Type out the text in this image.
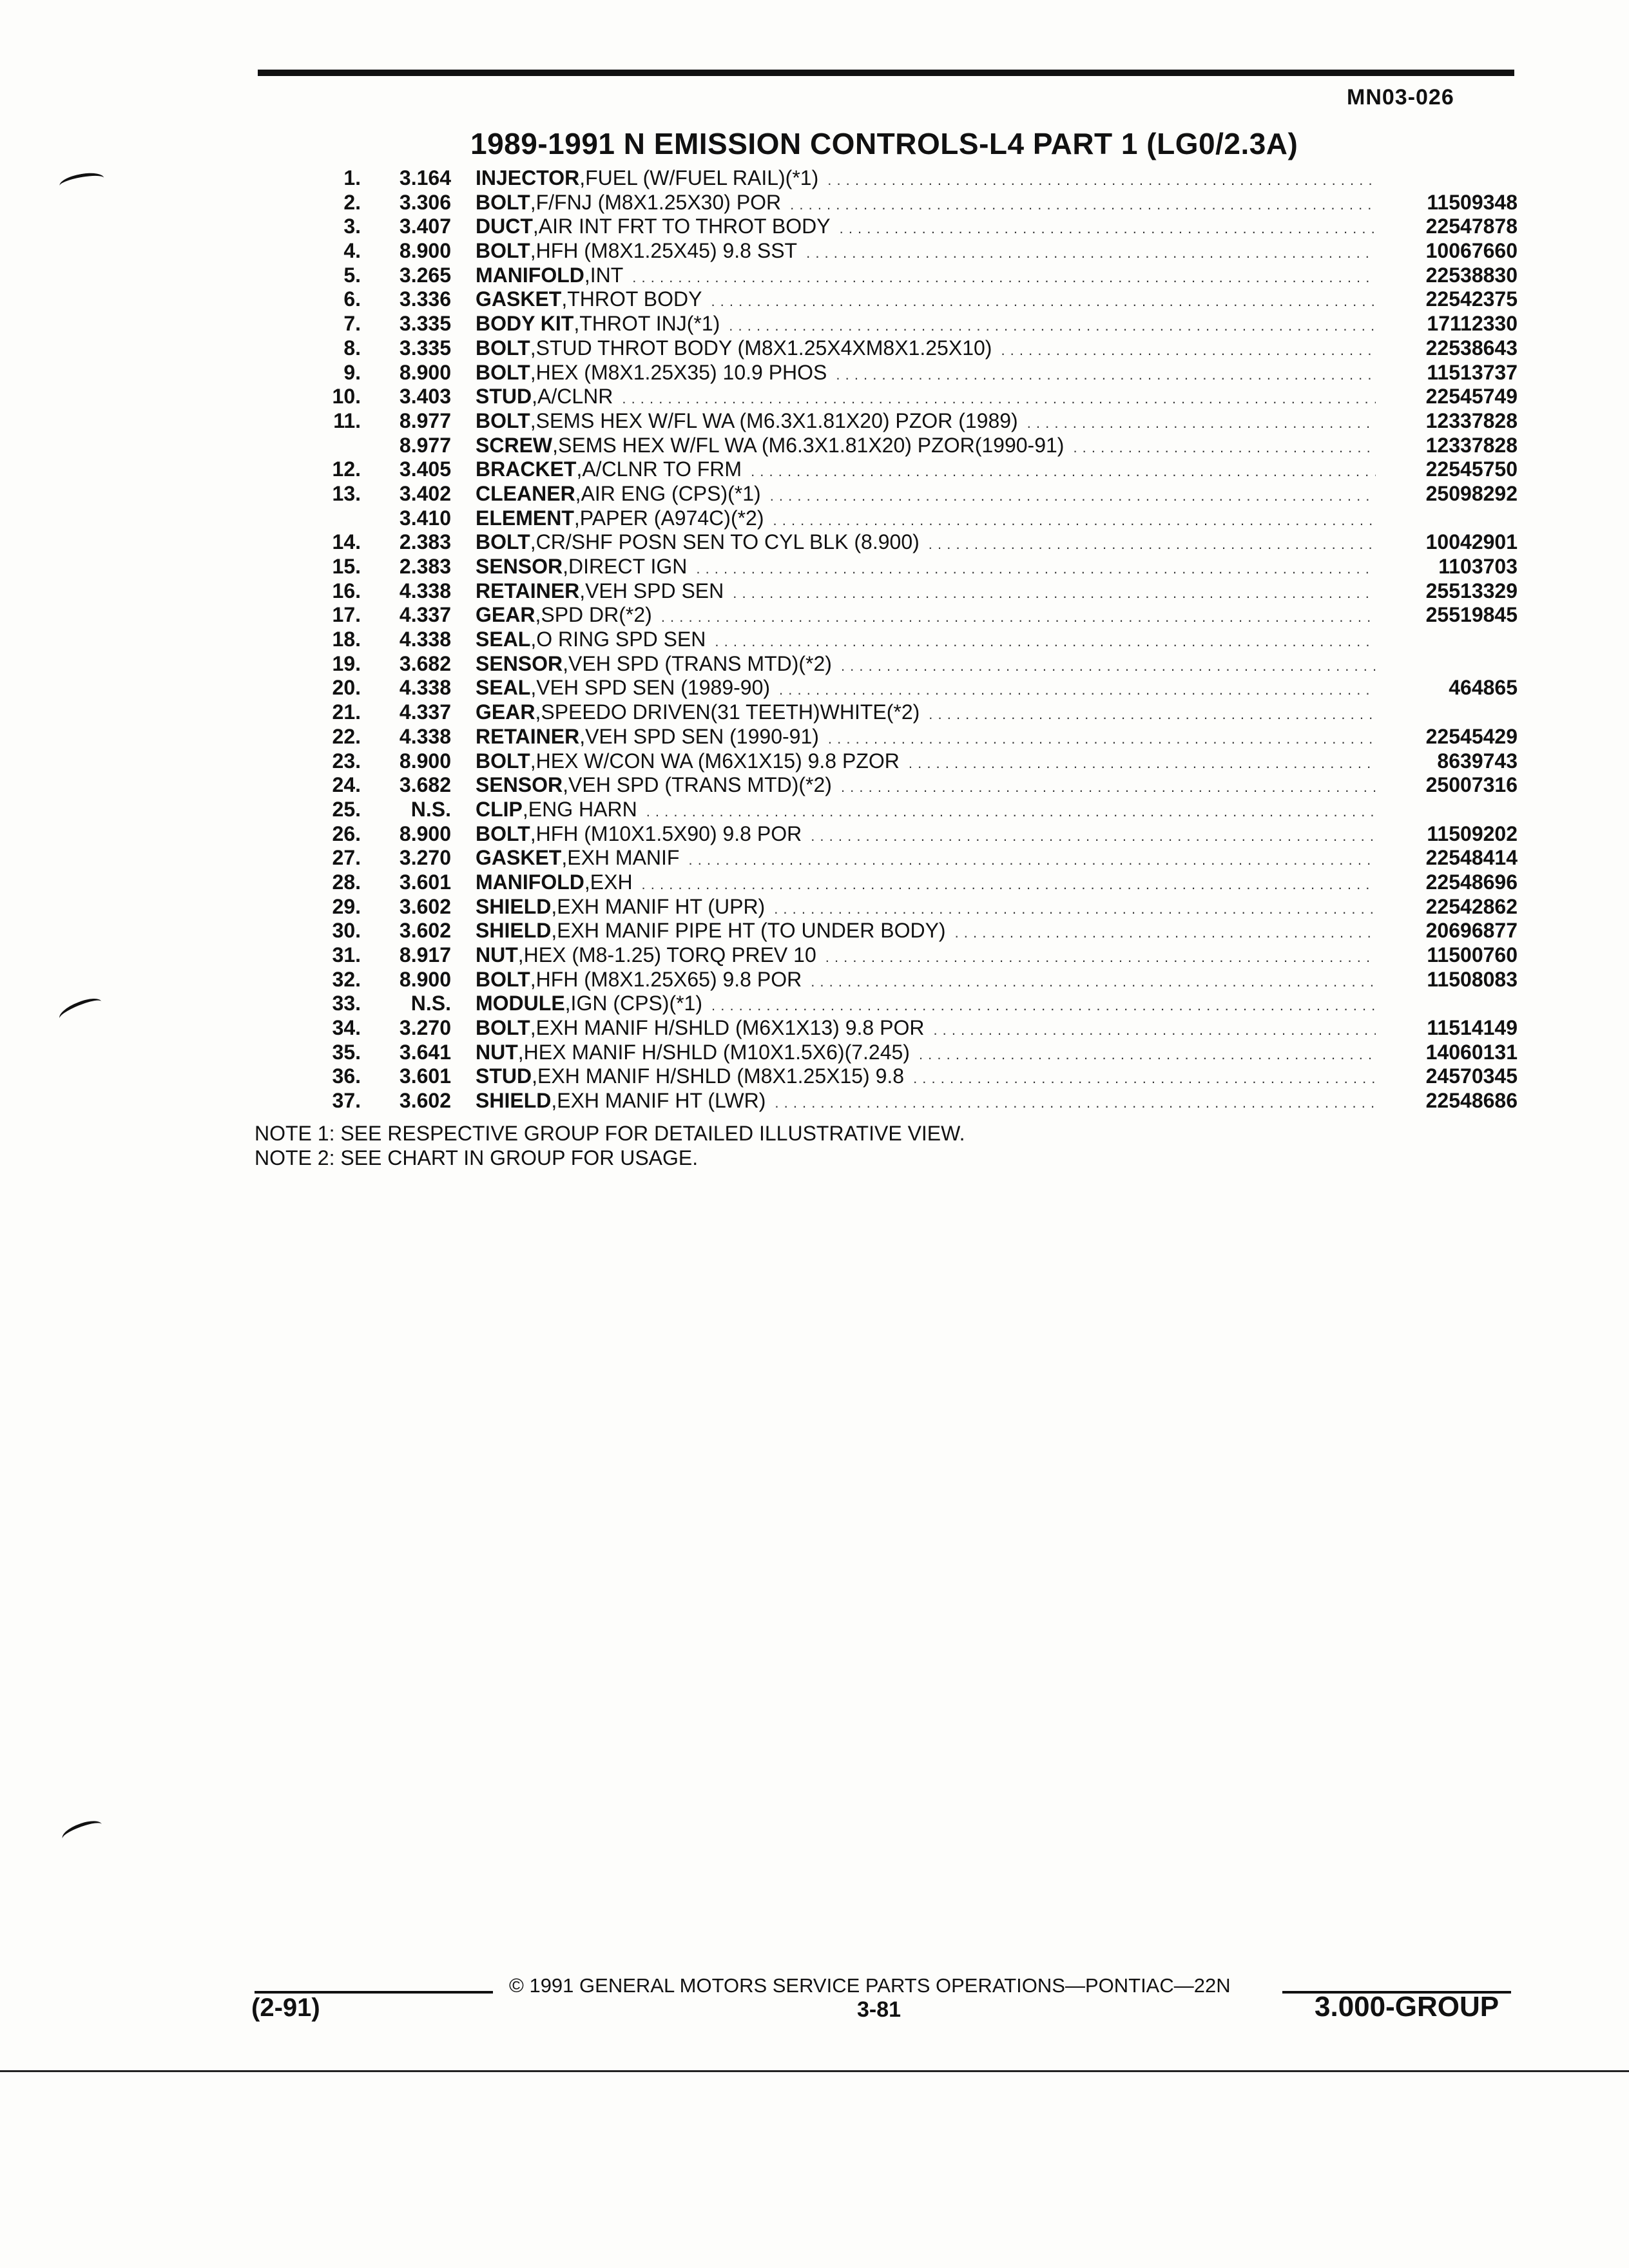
MN03-026
1989-1991 N EMISSION CONTROLS-L4 PART 1 (LG0/2.3A)
1.	3.164 INJECTOR , FUEL (W/FUEL RAIL)(*1)
. . .
2.	3.306 BOLT , F/FNJ (M8X1.25X30) POR . . .	11509348
3.	3.407 DUCT , AIR INT FRT TO THROT BODY . . .	22547878
4.	8.900 BOLT , HFH (M8X1.25X45) 9.8 SST . . .	10067660
5.	3.265 MANIFOLD , INT . . .	22538830
6.	3.336 GASKET , THROT BODY . . .	22542375
7.	3.335 BODY KIT , THROT INJ(*1) . . .	17112330
8.	3.335 BOLT , STUD THROT BODY (M8X1.25X4XM8X1.25X10) . . .	22538643
9.	8.900 BOLT , HEX (M8X1.25X35) 10.9 PHOS . . .	11513737
10.	3.403 STUD , A/CLNR . . .	22545749
11.	8.977 BOLT , SEMS HEX W/FL WA (M6.3X1.81X20) PZOR (1989) . . .	12337828
8.977 SCREW , SEMS HEX W/FL WA (M6.3X1.81X20) PZOR(1990-91) . . .	12337828
12.	3.405 BRACKET , A/CLNR TO FRM . . .	22545750
13.	3.402 CLEANER , AIR ENG (CPS)(*1) . . .	25098292
3.410 ELEMENT , PAPER (A974C)(*2)
. . .
14.	2.383 BOLT , CR/SHF POSN SEN TO CYL BLK (8.900) . . .	10042901
15.	2.383 SENSOR , DIRECT IGN . . .	1103703
16.	4.338 RETAINER , VEH SPD SEN . . .	25513329
17.	4.337 GEAR , SPD DR(*2) . . .	25519845
18.	4.338 SEAL , O RING SPD SEN
. . .
19.	3.682 SENSOR , VEH SPD (TRANS MTD)(*2)
. . .
20.	4.338 SEAL , VEH SPD SEN (1989-90) . . .	464865
21.	4.337 GEAR , SPEEDO DRIVEN(31 TEETH)WHITE(*2)
. . .
22.	4.338 RETAINER , VEH SPD SEN (1990-91) . . .	22545429
23.	8.900 BOLT , HEX W/CON WA (M6X1X15) 9.8 PZOR . . .	8639743
24.	3.682 SENSOR , VEH SPD (TRANS MTD)(*2) . . .	25007316
25.	N.S. CLIP , ENG HARN
. . .
26.	8.900 BOLT , HFH (M10X1.5X90) 9.8 POR . . .	11509202
27.	3.270 GASKET , EXH MANIF . . .	22548414
28.	3.601 MANIFOLD , EXH . . .	22548696
29.	3.602 SHIELD , EXH MANIF HT (UPR) . . .	22542862
30.	3.602 SHIELD , EXH MANIF PIPE HT (TO UNDER BODY) . . .	20696877
31.	8.917 NUT , HEX (M8-1.25) TORQ PREV 10 . . .	11500760
32.	8.900 BOLT , HFH (M8X1.25X65) 9.8 POR . . .	11508083
33.	N.S. MODULE , IGN (CPS)(*1)
. . .
34.	3.270 BOLT , EXH MANIF H/SHLD (M6X1X13) 9.8 POR . . .	11514149
35.	3.641 NUT , HEX MANIF H/SHLD (M10X1.5X6)(7.245) . . .	14060131
36.	3.601 STUD , EXH MANIF H/SHLD (M8X1.25X15) 9.8 . . .	24570345
37.	3.602 SHIELD , EXH MANIF HT (LWR) . . .	22548686
NOTE 1: SEE RESPECTIVE GROUP FOR DETAILED ILLUSTRATIVE VIEW.
NOTE 2: SEE CHART IN GROUP FOR USAGE.
© 1991 GENERAL MOTORS SERVICE PARTS OPERATIONS—PONTIAC—22N
(2-91)	3-81	3.000-GROUP
